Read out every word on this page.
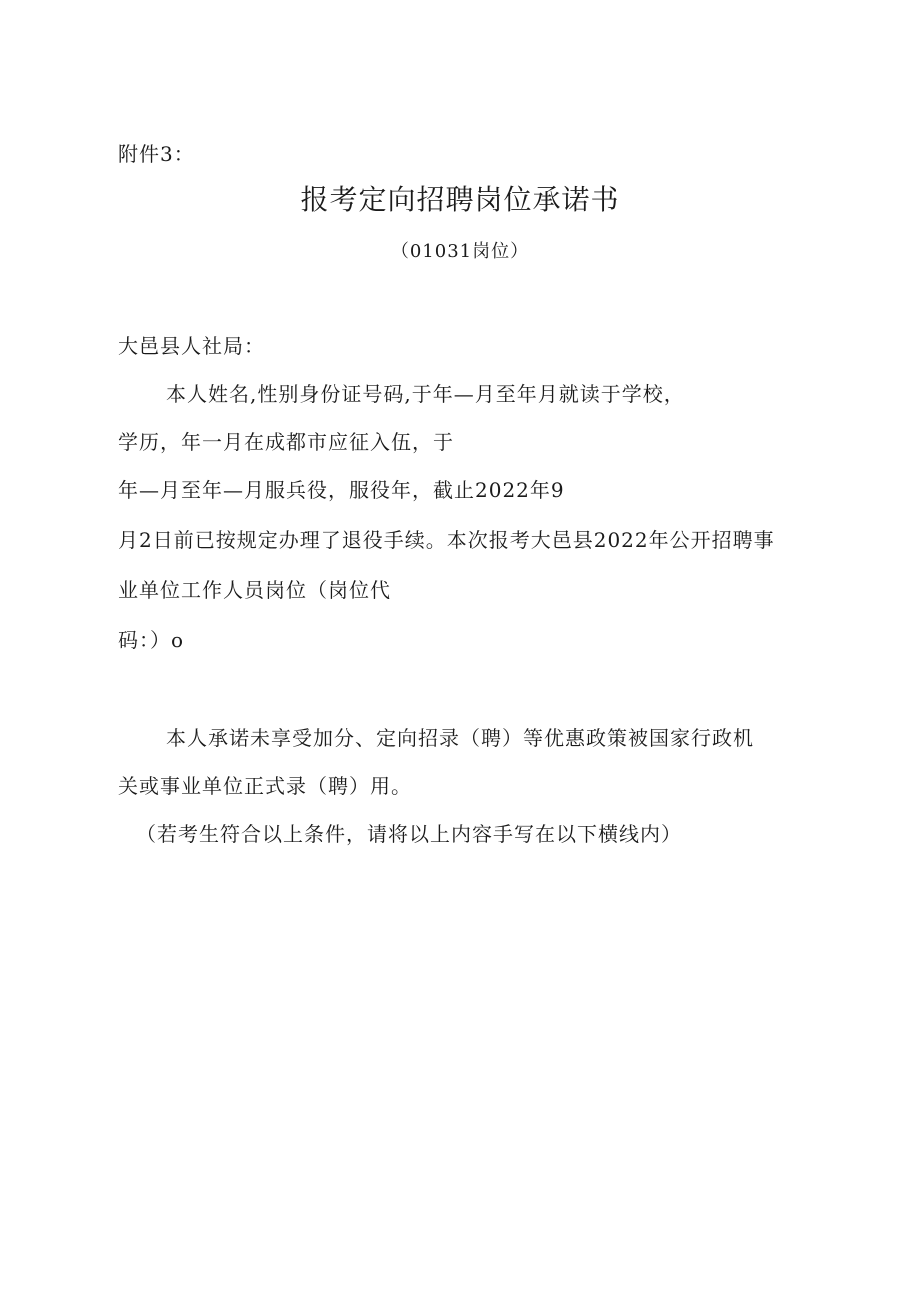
附件3：
报考定向招聘岗位承诺书
（01031岗位）
大邑县人社局：
本人姓名,性别身份证号码,于年—月至年月就读于学校，
学历，年一月在成都市应征入伍，于
年—月至年—月服兵役，服役年，截止2022年9
月2日前已按规定办理了退役手续。本次报考大邑县2022年公开招聘事
业单位工作人员岗位（岗位代
码：）o
本人承诺未享受加分、定向招录（聘）等优惠政策被国家行政机
关或事业单位正式录（聘）用。
（若考生符合以上条件，请将以上内容手写在以下横线内）
